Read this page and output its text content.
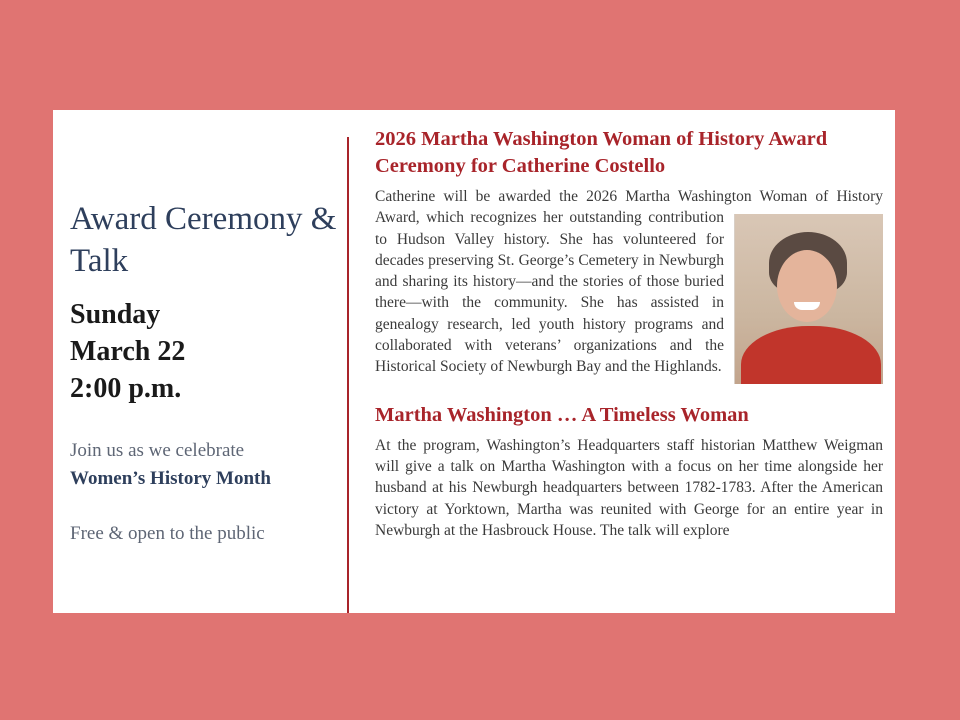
Award Ceremony & Talk
Sunday
March 22
2:00 p.m.
Join us as we celebrate
Women’s History Month
Free & open to the public
2026 Martha Washington Woman of History Award Ceremony for Catherine Costello

Catherine will be awarded the 2026 Martha Washington Woman of History Award, which recognizes her outstanding contribution to Hudson Valley history. She has volunteered for decades preserving St. George’s Cemetery in Newburgh and sharing its history—and the stories of those buried there—with the community. She has assisted in genealogy research, led youth history programs and collaborated with veterans’ organizations and the Historical Society of Newburgh Bay and the Highlands.

Martha Washington … A Timeless Woman

At the program, Washington’s Headquarters staff historian Matthew Weigman will give a talk on Martha Washington with a focus on her time alongside her husband at his Newburgh headquarters between 1782-1783. After the American victory at Yorktown, Martha was reunited with George for an entire year in Newburgh at the Hasbrouck House. The talk will explore
